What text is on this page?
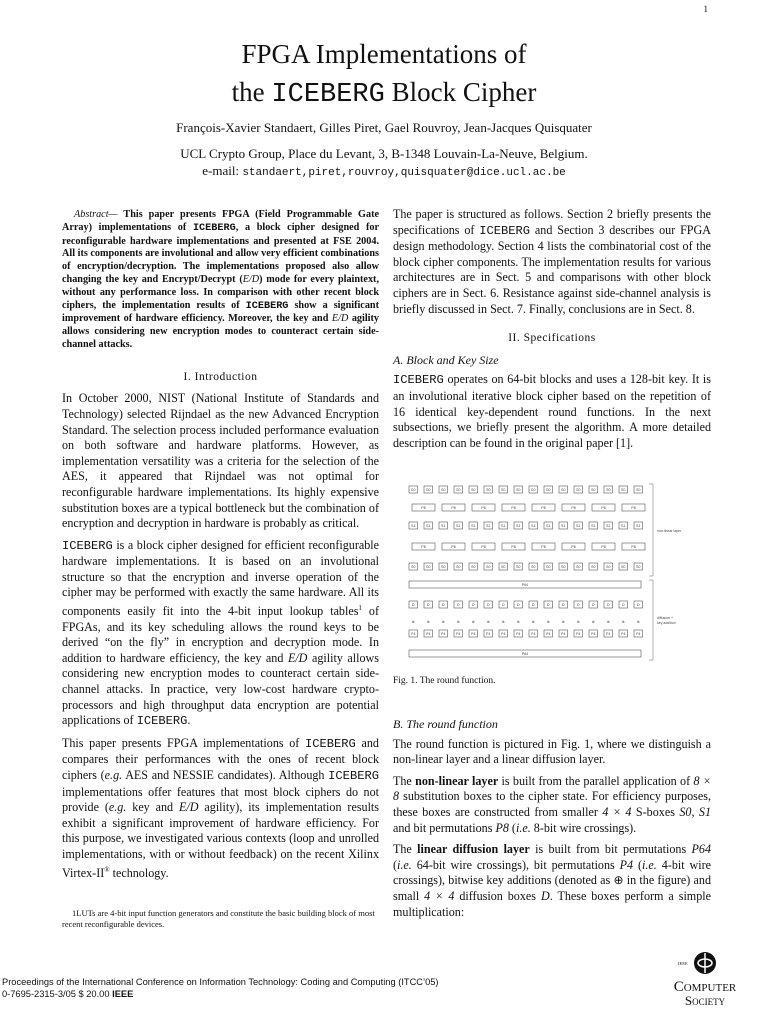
1
FPGA Implementations of
the ICEBERG Block Cipher
François-Xavier Standaert, Gilles Piret, Gael Rouvroy, Jean-Jacques Quisquater
UCL Crypto Group, Place du Levant, 3, B-1348 Louvain-La-Neuve, Belgium.
e-mail: standaert,piret,rouvroy,quisquater@dice.ucl.ac.be
Abstract— This paper presents FPGA (Field Programmable Gate Array) implementations of ICEBERG, a block cipher designed for reconfigurable hardware implementations and presented at FSE 2004. All its components are involutional and allow very efficient combinations of encryption/decryption. The implementations proposed also allow changing the key and Encrypt/Decrypt (E/D) mode for every plaintext, without any performance loss. In comparison with other recent block ciphers, the implementation results of ICEBERG show a significant improvement of hardware efficiency. Moreover, the key and E/D agility allows considering new encryption modes to counteract certain side-channel attacks.
I. Introduction

In October 2000, NIST (National Institute of Standards and Technology) selected Rijndael as the new Advanced Encryption Standard. The selection process included performance evaluation on both software and hardware platforms. However, as implementation versatility was a criteria for the selection of the AES, it appeared that Rijndael was not optimal for reconfigurable hardware implementations. Its highly expensive substitution boxes are a typical bottleneck but the combination of encryption and decryption in hardware is probably as critical.

ICEBERG is a block cipher designed for efficient reconfigurable hardware implementations. It is based on an involutional structure so that the encryption and inverse operation of the cipher may be performed with exactly the same hardware. All its components easily fit into the 4-bit input lookup tables$^1$ of FPGAs, and its key scheduling allows the round keys to be derived “on the fly” in encryption and decryption mode. In addition to hardware efficiency, the key and E/D agility allows considering new encryption modes to counteract certain side-channel attacks. In practice, very low-cost hardware crypto-processors and high throughput data encryption are potential applications of ICEBERG.

This paper presents FPGA implementations of ICEBERG and compares their performances with the ones of recent block ciphers (e.g. AES and NESSIE candidates). Although ICEBERG implementations offer features that most block ciphers do not provide (e.g. key and E/D agility), its implementation results exhibit a significant improvement of hardware efficiency. For this purpose, we investigated various contexts (loop and unrolled implementations, with or without feedback) on the recent Xilinx Virtex-II® technology.

1LUTs are 4-bit input function generators and constitute the basic building block of most recent reconfigurable devices.
Proceedings of the International Conference on Information Technology: Coding and Computing (ITCC’05)
0-7695-2315-3/05 $ 20.00 IEEE
IEEE
Computer
Society

The paper is structured as follows. Section 2 briefly presents the specifications of ICEBERG and Section 3 describes our FPGA design methodology. Section 4 lists the combinatorial cost of the block cipher components. The implementation results for various architectures are in Sect. 5 and comparisons with other block ciphers are in Sect. 6. Resistance against side-channel analysis is briefly discussed in Sect. 7. Finally, conclusions are in Sect. 8.

II. Specifications
A. Block and Key Size

ICEBERG operates on 64-bit blocks and uses a 128-bit key. It is an involutional iterative block cipher based on the repetition of 16 identical key-dependent round functions. In the next subsections, we briefly present the algorithm. A more detailed description can be found in the original paper [1].

S0	S0	S0	S0	S0	S0	S0	S0	S0	S0	S0	S0	S0	S0	S0	S0
P8	P8	P8	P8	P8	P8	P8	P8
S1	S1	S1	S1	S1	S1	S1	S1	S1	S1	S1	S1	S1	S1	S1	S1
P8	P8	P8	P8	P8	P8	P8	P8
S0	S0	S0	S0	S0	S0	S0	S0	S0	S0	S0	S0	S0	S0	S0	S0
P64
D	D	D	D	D	D	D	D	D	D	D	D	D	D	D	D
⊕	⊕	⊕	⊕	⊕	⊕	⊕	⊕	⊕	⊕	⊕	⊕	⊕	⊕	⊕	⊕
P4	P4	P4	P4	P4	P4	P4	P4	P4	P4	P4	P4	P4	P4	P4	P4
P64
non-linear layer
diffusion +
key addition
Fig. 1. The round function.
B. The round function

The round function is pictured in Fig. 1, where we distinguish a non-linear layer and a linear diffusion layer.

The non-linear layer is built from the parallel application of 8 × 8 substitution boxes to the cipher state. For efficiency purposes, these boxes are constructed from smaller 4 × 4 S-boxes S0, S1 and bit permutations P8 (i.e. 8-bit wire crossings).

The linear diffusion layer is built from bit permutations P64 (i.e. 64-bit wire crossings), bit permutations P4 (i.e. 4-bit wire crossings), bitwise key additions (denoted as ⊕ in the figure) and small 4 × 4 diffusion boxes D. These boxes perform a simple multiplication:
